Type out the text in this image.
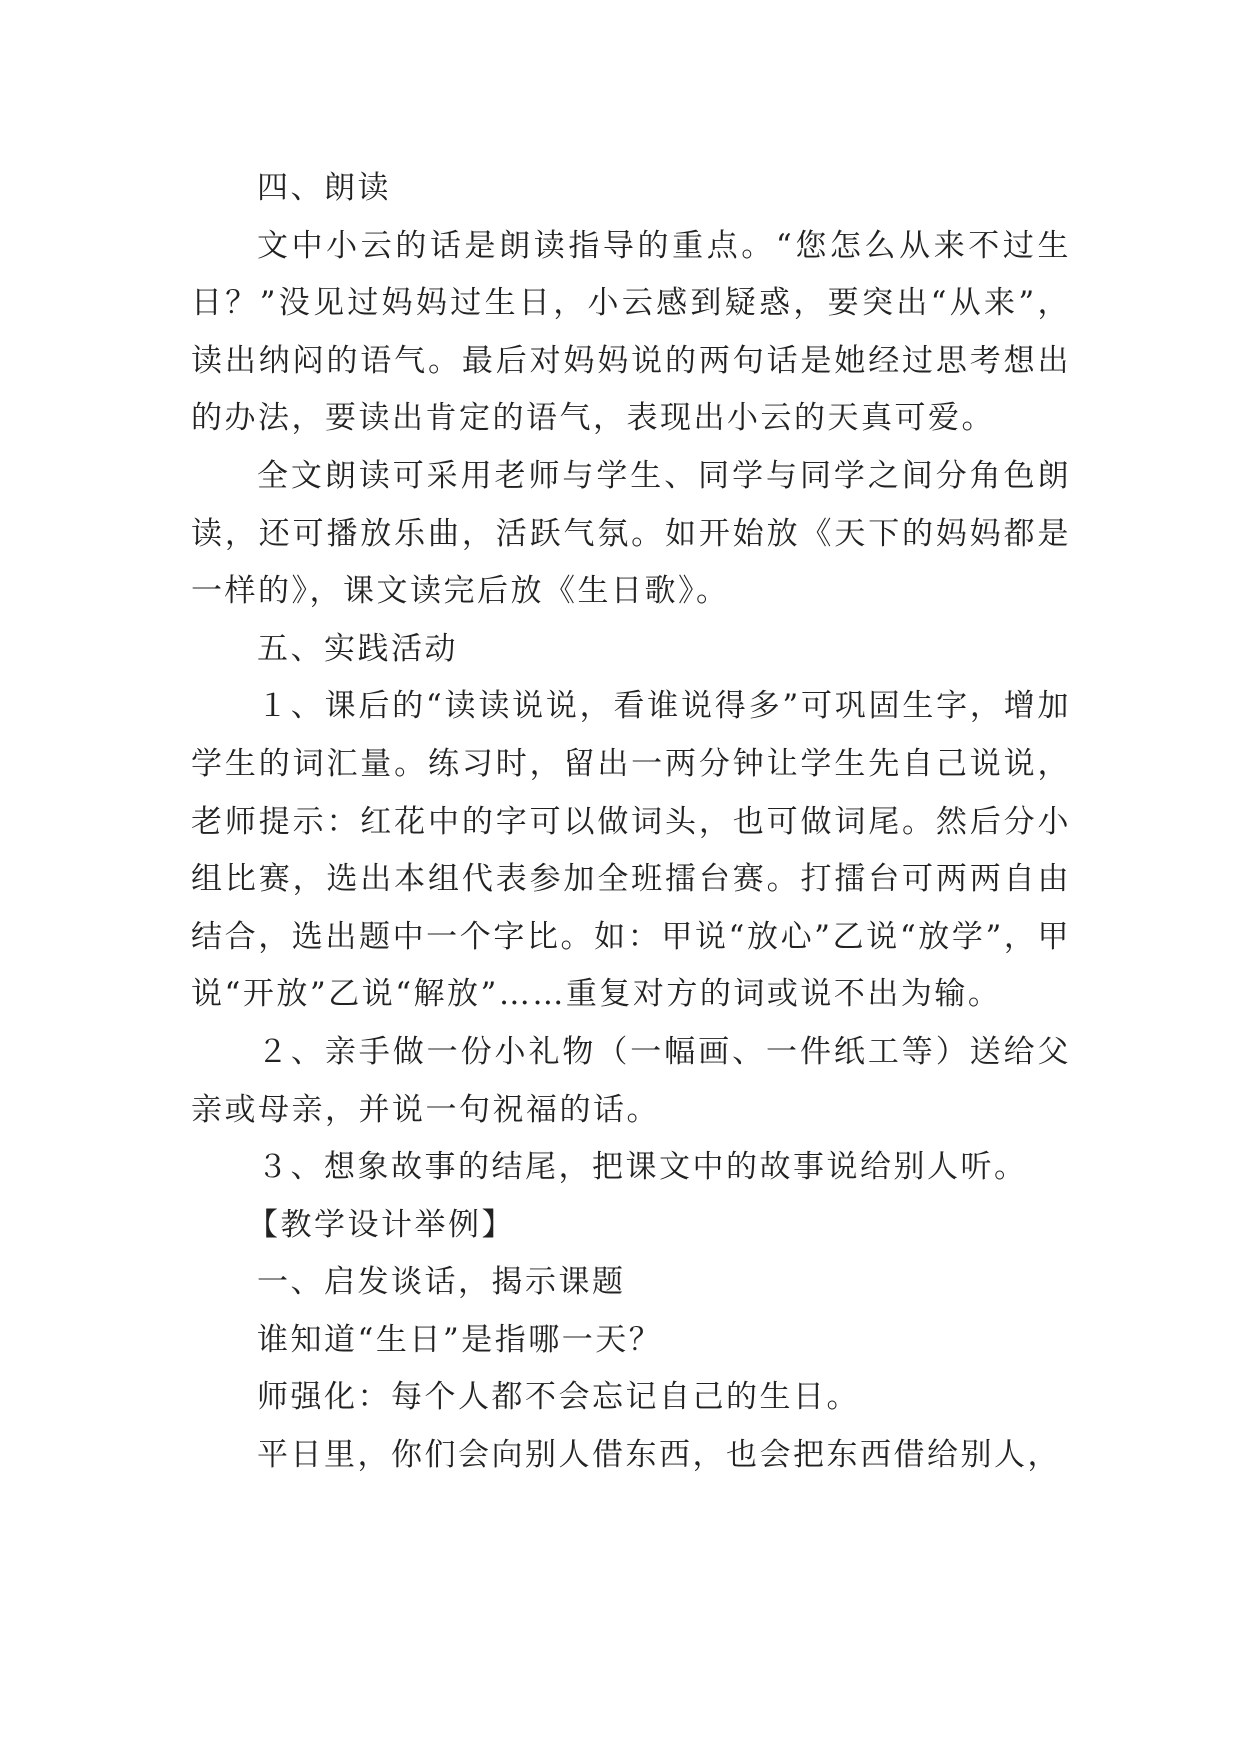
四、朗读

文中小云的话是朗读指导的重点。“您怎么从来不过生日？”没见过妈妈过生日，小云感到疑惑，要突出“从来”，读出纳闷的语气。最后对妈妈说的两句话是她经过思考想出的办法，要读出肯定的语气，表现出小云的天真可爱。

全文朗读可采用老师与学生、同学与同学之间分角色朗读，还可播放乐曲，活跃气氛。如开始放《天下的妈妈都是一样的》，课文读完后放《生日歌》。

五、实践活动

１、课后的“读读说说，看谁说得多”可巩固生字，增加学生的词汇量。练习时，留出一两分钟让学生先自己说说，老师提示：红花中的字可以做词头，也可做词尾。然后分小组比赛，选出本组代表参加全班擂台赛。打擂台可两两自由结合，选出题中一个字比。如：甲说“放心”乙说“放学”，甲说“开放”乙说“解放”……重复对方的词或说不出为输。

２、亲手做一份小礼物（一幅画、一件纸工等）送给父亲或母亲，并说一句祝福的话。

３、想象故事的结尾，把课文中的故事说给别人听。

【教学设计举例】

一、启发谈话，揭示课题

谁知道“生日”是指哪一天？

师强化：每个人都不会忘记自己的生日。

平日里，你们会向别人借东西，也会把东西借给别人，
